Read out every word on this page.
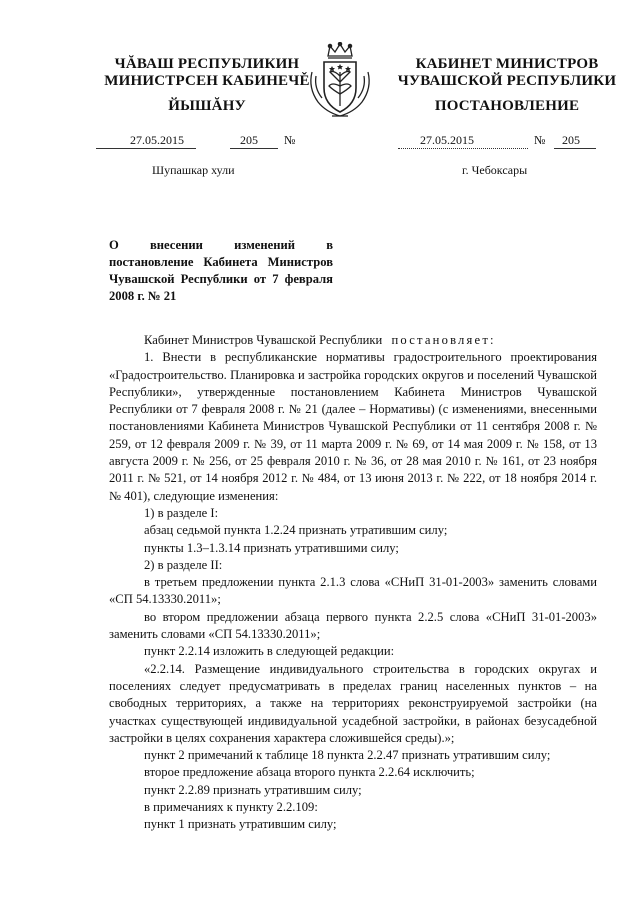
ЧĂВАШ РЕСПУБЛИКИН
МИНИСТРСЕН КАБИНЕЧĚ
ЙЫШĂНУ
КАБИНЕТ МИНИСТРОВ
ЧУВАШСКОЙ РЕСПУБЛИКИ
ПОСТАНОВЛЕНИЕ
27.05.2015	205 №	27.05.2015	№ 205
Шупашкар хули	г. Чебоксары
О внесении изменений в постановление Кабинета Министров Чувашской Республики от 7 февраля 2008 г. № 21

Кабинет Министров Чувашской Республики постановляет:

1. Внести в республиканские нормативы градостроительного проектирования «Градостроительство. Планировка и застройка городских округов и поселений Чувашской Республики», утвержденные постановлением Кабинета Министров Чувашской Республики от 7 февраля 2008 г. № 21 (далее – Нормативы) (с изменениями, внесенными постановлениями Кабинета Министров Чувашской Республики от 11 сентября 2008 г. № 259, от 12 февраля 2009 г. № 39, от 11 марта 2009 г. № 69, от 14 мая 2009 г. № 158, от 13 августа 2009 г. № 256, от 25 февраля 2010 г. № 36, от 28 мая 2010 г. № 161, от 23 ноября 2011 г. № 521, от 14 ноября 2012 г. № 484, от 13 июня 2013 г. № 222, от 18 ноября 2014 г. № 401), следующие изменения:

1) в разделе I:

абзац седьмой пункта 1.2.24 признать утратившим силу;

пункты 1.3–1.3.14 признать утратившими силу;

2) в разделе II:

в третьем предложении пункта 2.1.3 слова «СНиП 31-01-2003» заменить словами «СП 54.13330.2011»;

во втором предложении абзаца первого пункта 2.2.5 слова «СНиП 31-01-2003» заменить словами «СП 54.13330.2011»;

пункт 2.2.14 изложить в следующей редакции:

«2.2.14. Размещение индивидуального строительства в городских округах и поселениях следует предусматривать в пределах границ населенных пунктов – на свободных территориях, а также на территориях реконструируемой застройки (на участках существующей индивидуальной усадебной застройки, в районах безусадебной застройки в целях сохранения характера сложившейся среды).»;

пункт 2 примечаний к таблице 18 пункта 2.2.47 признать утратившим силу;

второе предложение абзаца второго пункта 2.2.64 исключить;

пункт 2.2.89 признать утратившим силу;

в примечаниях к пункту 2.2.109:

пункт 1 признать утратившим силу;
